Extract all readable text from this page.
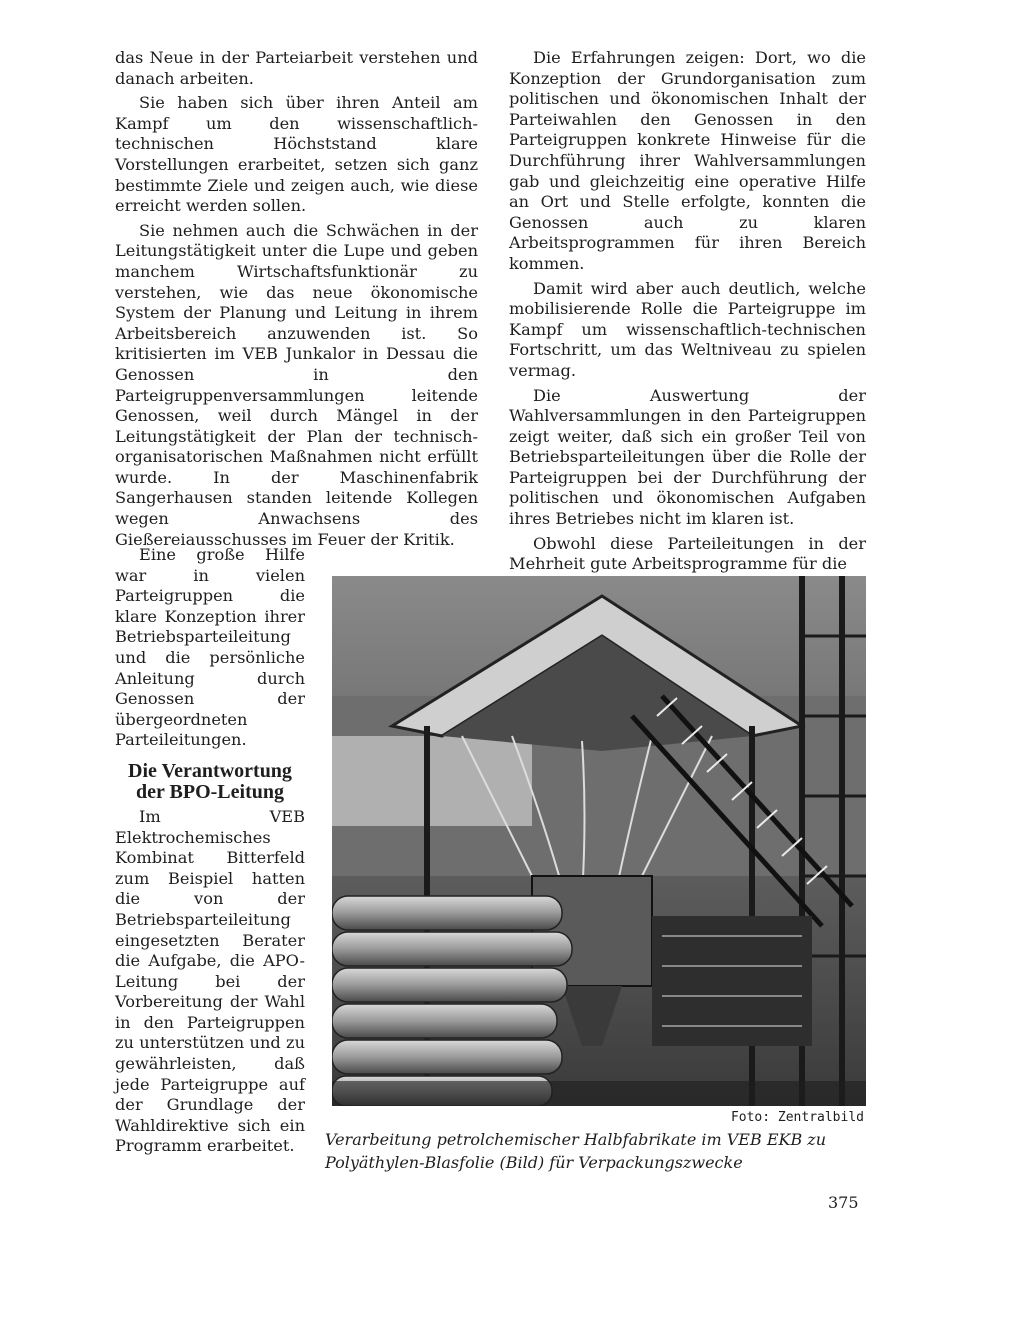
das Neue in der Parteiarbeit verstehen und danach arbeiten.

Sie haben sich über ihren Anteil am Kampf um den wissenschaftlich-technischen Höchststand klare Vorstellungen erarbeitet, setzen sich ganz bestimmte Ziele und zeigen auch, wie diese erreicht werden sollen.

Sie nehmen auch die Schwächen in der Leitungstätigkeit unter die Lupe und geben manchem Wirtschaftsfunktionär zu verstehen, wie das neue ökonomische System der Planung und Leitung in ihrem Arbeitsbereich anzuwenden ist. So kritisierten im VEB Junkalor in Dessau die Genossen in den Parteigruppenversammlungen leitende Genossen, weil durch Mängel in der Leitungstätigkeit der Plan der technisch-organisatorischen Maßnahmen nicht erfüllt wurde. In der Maschinenfabrik Sangerhausen standen leitende Kollegen wegen Anwachsens des Gießereiausschusses im Feuer der Kritik.

Eine große Hilfe war in vielen Parteigruppen die klare Konzeption ihrer Betriebsparteileitung und die persönliche Anleitung durch Genossen der übergeordneten Parteileitungen.

Die Verantwortung der BPO-Leitung

Im VEB Elektrochemisches Kombinat Bitterfeld zum Beispiel hatten die von der Betriebsparteileitung eingesetzten Berater die Aufgabe, die APO-Leitung bei der Vorbereitung der Wahl in den Parteigruppen zu unterstützen und zu gewährleisten, daß jede Parteigruppe auf der Grundlage der Wahldirektive sich ein Programm erarbeitet.

Die Erfahrungen zeigen: Dort, wo die Konzeption der Grundorganisation zum politischen und ökonomischen Inhalt der Parteiwahlen den Genossen in den Parteigruppen konkrete Hinweise für die Durchführung ihrer Wahlversammlungen gab und gleichzeitig eine operative Hilfe an Ort und Stelle erfolgte, konnten die Genossen auch zu klaren Arbeitsprogrammen für ihren Bereich kommen.

Damit wird aber auch deutlich, welche mobilisierende Rolle die Parteigruppe im Kampf um wissenschaftlich-technischen Fortschritt, um das Weltniveau zu spielen vermag.

Die Auswertung der Wahlversammlungen in den Parteigruppen zeigt weiter, daß sich ein großer Teil von Betriebsparteileitungen über die Rolle der Parteigruppen bei der Durchführung der politischen und ökonomischen Aufgaben ihres Betriebes nicht im klaren ist.

Obwohl diese Parteileitungen in der Mehrheit gute Arbeitsprogramme für die

Foto: Zentralbild
Verarbeitung petrolchemischer Halbfabrikate im VEB EKB zu Polyäthylen-Blasfolie (Bild) für Verpackungszwecke
375
